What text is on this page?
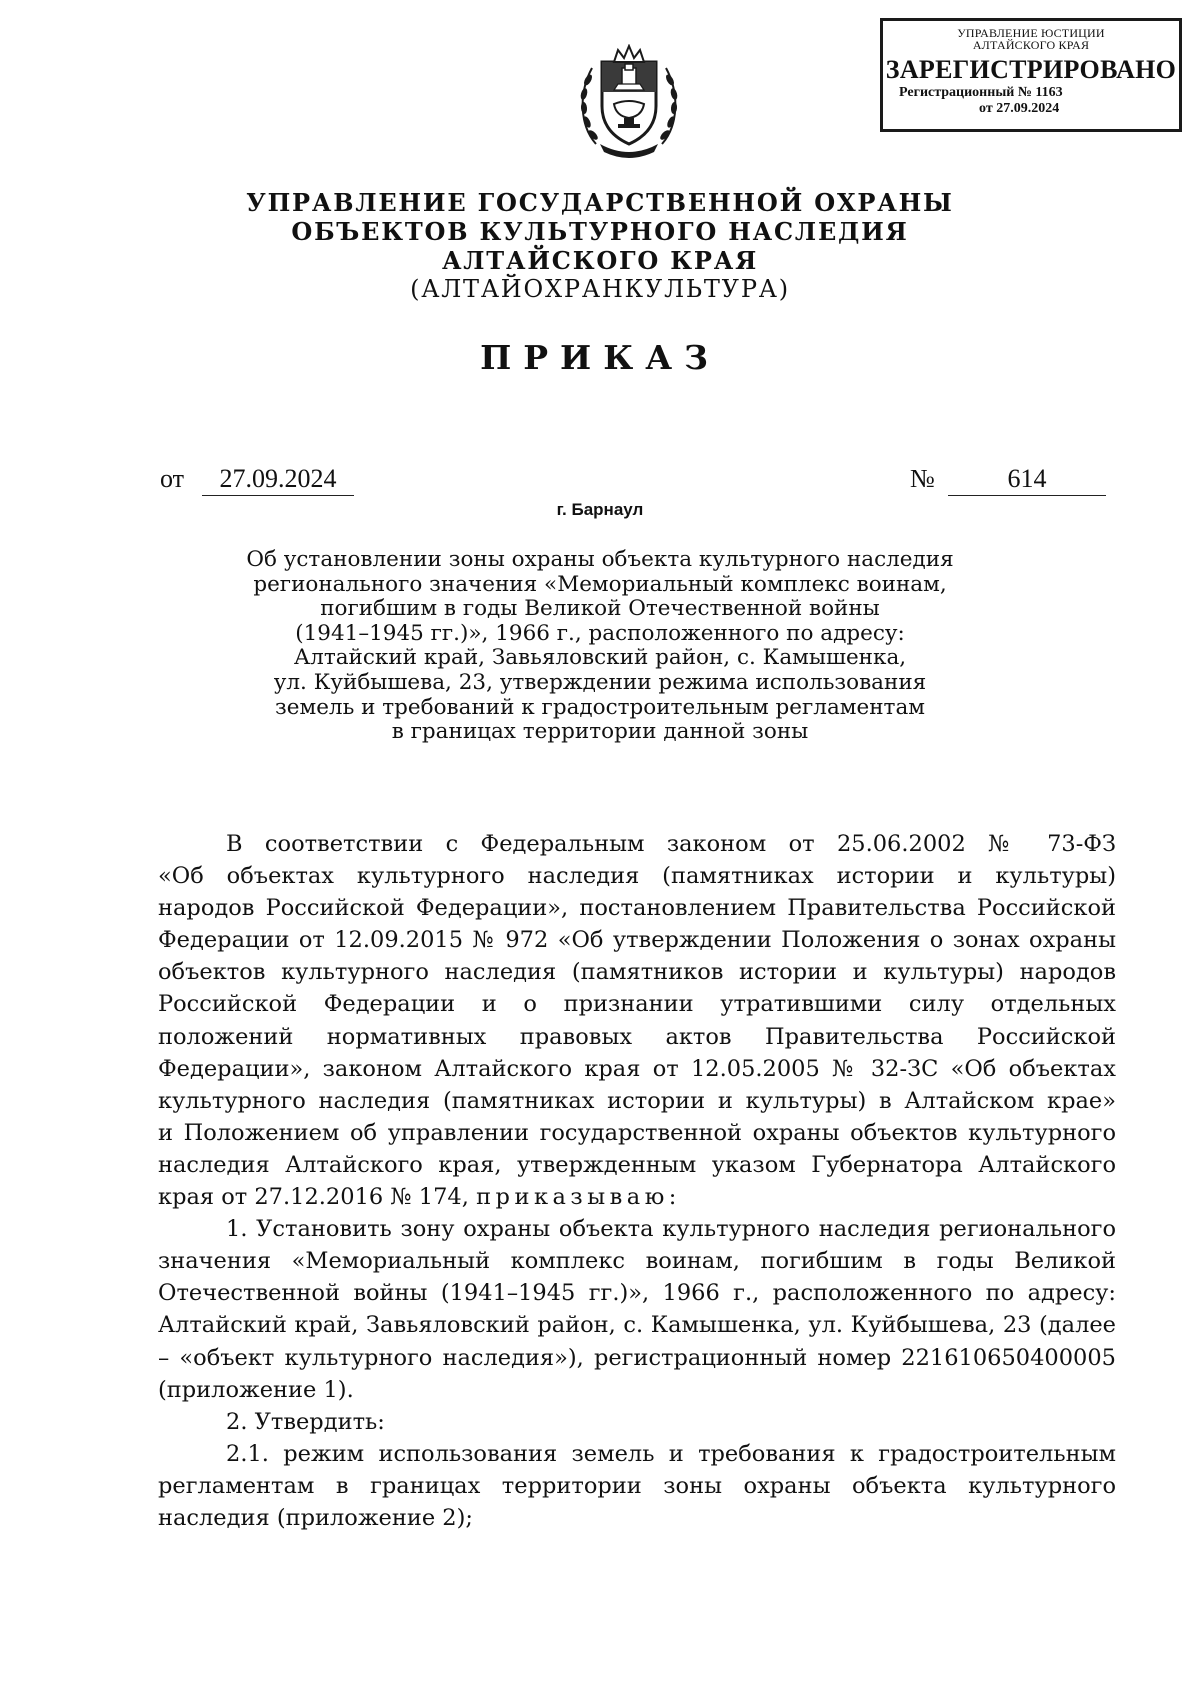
УПРАВЛЕНИЕ ЮСТИЦИИ
АЛТАЙСКОГО КРАЯ
ЗАРЕГИСТРИРОВАНО
Регистрационный № 1163
от 27.09.2024
УПРАВЛЕНИЕ ГОСУДАРСТВЕННОЙ ОХРАНЫ
ОБЪЕКТОВ КУЛЬТУРНОГО НАСЛЕДИЯ
АЛТАЙСКОГО КРАЯ
(АЛТАЙОХРАНКУЛЬТУРА)
ПРИКАЗ
от	27.09.2024	№	614
г. Барнаул
Об установлении зоны охраны объекта культурного наследия
регионального значения «Мемориальный комплекс воинам,
погибшим в годы Великой Отечественной войны
(1941–1945 гг.)», 1966 г., расположенного по адресу:
Алтайский край, Завьяловский район, с. Камышенка,
ул. Куйбышева, 23, утверждении режима использования
земель и требований к градостроительным регламентам
в границах территории данной зоны
В соответствии с Федеральным законом от 25.06.2002 № 73-ФЗ
«Об объектах культурного наследия (памятниках истории и культуры)
народов Российской Федерации», постановлением Правительства Российской
Федерации от 12.09.2015 № 972 «Об утверждении Положения о зонах охраны
объектов культурного наследия (памятников истории и культуры) народов
Российской Федерации и о признании утратившими силу отдельных
положений нормативных правовых актов Правительства Российской
Федерации», законом Алтайского края от 12.05.2005 № 32-ЗС «Об объектах
культурного наследия (памятниках истории и культуры) в Алтайском крае»
и Положением об управлении государственной охраны объектов культурного
наследия Алтайского края, утвержденным указом Губернатора Алтайского
края от 27.12.2016 № 174, приказываю:
1. Установить зону охраны объекта культурного наследия регионального
значения «Мемориальный комплекс воинам, погибшим в годы Великой
Отечественной войны (1941–1945 гг.)», 1966 г., расположенного по адресу:
Алтайский край, Завьяловский район, с. Камышенка, ул. Куйбышева, 23 (далее
– «объект культурного наследия»), регистрационный номер 221610650400005
(приложение 1).
2. Утвердить:
2.1. режим использования земель и требования к градостроительным
регламентам в границах территории зоны охраны объекта культурного
наследия (приложение 2);
